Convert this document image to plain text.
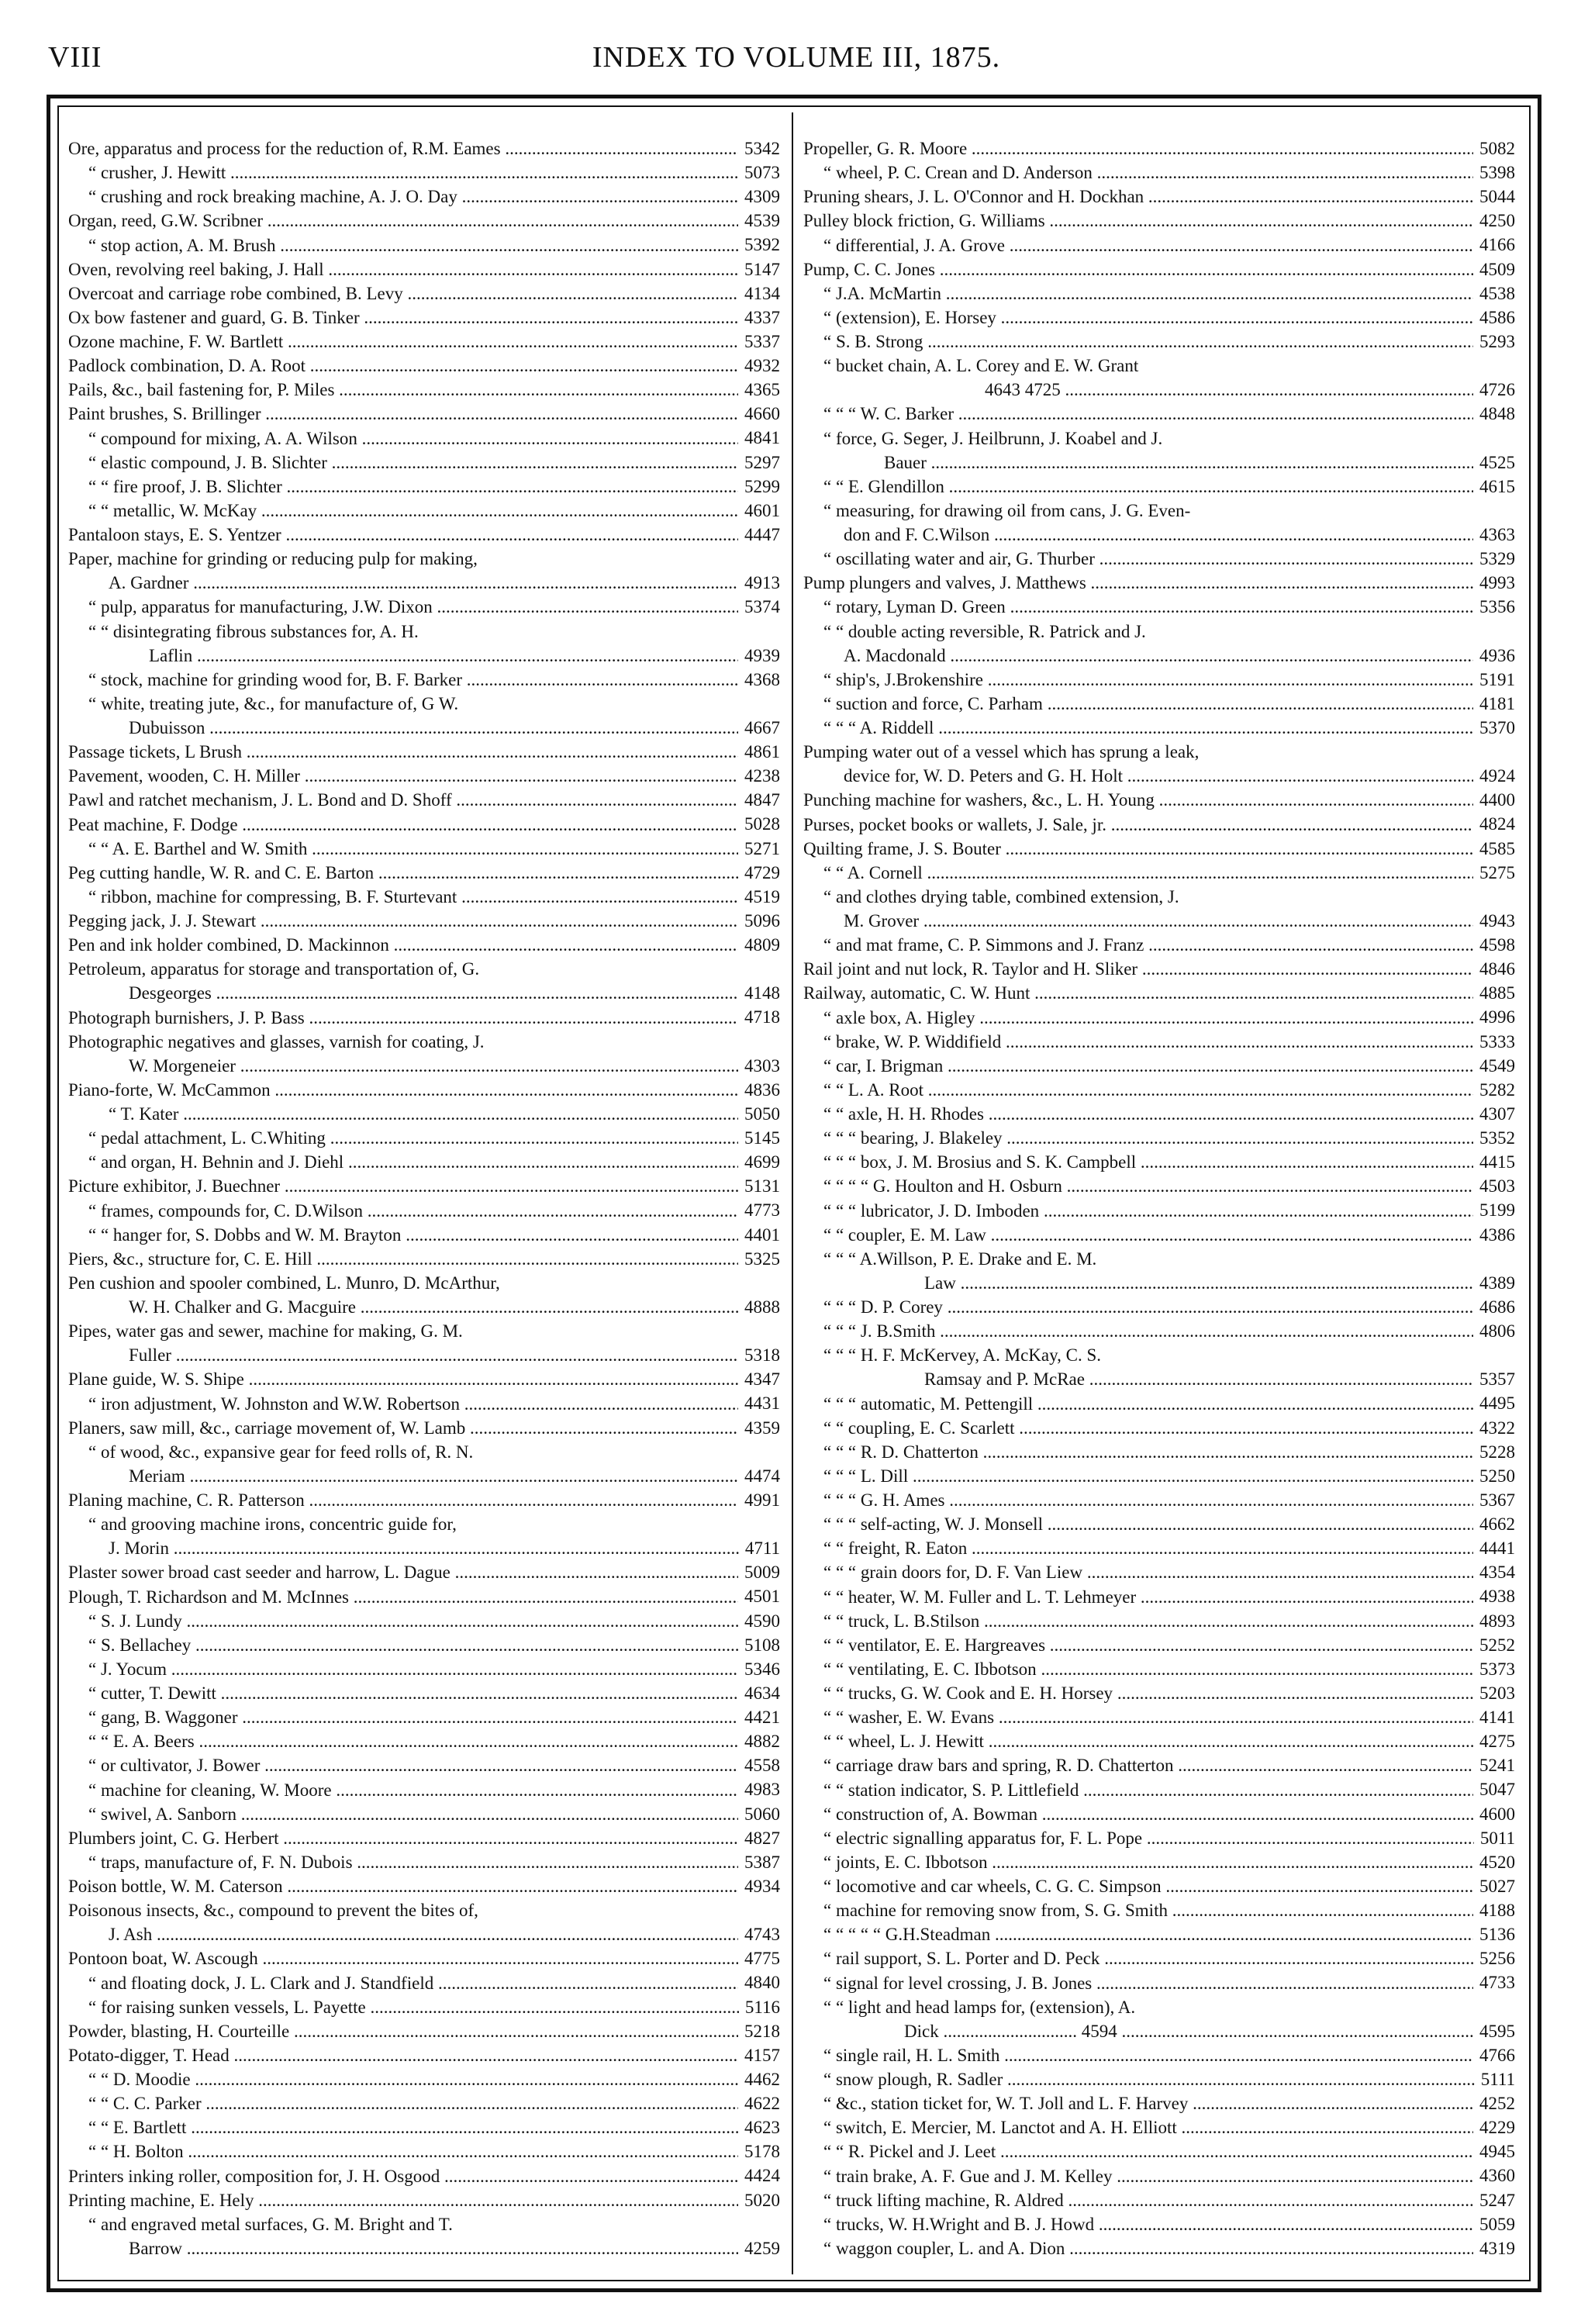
VIII	INDEX TO VOLUME III, 1875.
Ore, apparatus and process for the reduction of, R.M. Eames .....	5342
“ crusher, J. Hewitt .....	5073
“ crushing and rock breaking machine, A. J. O. Day .....	4309
Organ, reed, G.W. Scribner .....	4539
“ stop action, A. M. Brush .....	5392
Oven, revolving reel baking, J. Hall .....	5147
Overcoat and carriage robe combined, B. Levy .....	4134
Ox bow fastener and guard, G. B. Tinker .....	4337
Ozone machine, F. W. Bartlett .....	5337
Padlock combination, D. A. Root .....	4932
Pails, &c., bail fastening for, P. Miles .....	4365
Paint brushes, S. Brillinger .....	4660
“ compound for mixing, A. A. Wilson .....	4841
“ elastic compound, J. B. Slichter .....	5297
“ “ fire proof, J. B. Slichter .....	5299
“ “ metallic, W. McKay .....	4601
Pantaloon stays, E. S. Yentzer .....	4447
Paper, machine for grinding or reducing pulp for making,
A. Gardner .....	4913
“ pulp, apparatus for manufacturing, J.W. Dixon .....	5374
“ “ disintegrating fibrous substances for, A. H.
Laflin .....	4939
“ stock, machine for grinding wood for, B. F. Barker .....	4368
“ white, treating jute, &c., for manufacture of, G W.
Dubuisson .....	4667
Passage tickets, L Brush .....	4861
Pavement, wooden, C. H. Miller .....	4238
Pawl and ratchet mechanism, J. L. Bond and D. Shoff .....	4847
Peat machine, F. Dodge .....	5028
“ “ A. E. Barthel and W. Smith .....	5271
Peg cutting handle, W. R. and C. E. Barton .....	4729
“ ribbon, machine for compressing, B. F. Sturtevant .....	4519
Pegging jack, J. J. Stewart .....	5096
Pen and ink holder combined, D. Mackinnon .....	4809
Petroleum, apparatus for storage and transportation of, G.
Desgeorges .....	4148
Photograph burnishers, J. P. Bass .....	4718
Photographic negatives and glasses, varnish for coating, J.
W. Morgeneier .....	4303
Piano-forte, W. McCammon .....	4836
“ T. Kater .....	5050
“ pedal attachment, L. C.Whiting .....	5145
“ and organ, H. Behnin and J. Diehl .....	4699
Picture exhibitor, J. Buechner .....	5131
“ frames, compounds for, C. D.Wilson .....	4773
“ “ hanger for, S. Dobbs and W. M. Brayton .....	4401
Piers, &c., structure for, C. E. Hill .....	5325
Pen cushion and spooler combined, L. Munro, D. McArthur,
W. H. Chalker and G. Macguire .....	4888
Pipes, water gas and sewer, machine for making, G. M.
Fuller .....	5318
Plane guide, W. S. Shipe .....	4347
“ iron adjustment, W. Johnston and W.W. Robertson .....	4431
Planers, saw mill, &c., carriage movement of, W. Lamb .....	4359
“ of wood, &c., expansive gear for feed rolls of, R. N.
Meriam .....	4474
Planing machine, C. R. Patterson .....	4991
“ and grooving machine irons, concentric guide for,
J. Morin .....	4711
Plaster sower broad cast seeder and harrow, L. Dague .....	5009
Plough, T. Richardson and M. McInnes .....	4501
“ S. J. Lundy .....	4590
“ S. Bellachey .....	5108
“ J. Yocum .....	5346
“ cutter, T. Dewitt .....	4634
“ gang, B. Waggoner .....	4421
“ “ E. A. Beers .....	4882
“ or cultivator, J. Bower .....	4558
“ machine for cleaning, W. Moore .....	4983
“ swivel, A. Sanborn .....	5060
Plumbers joint, C. G. Herbert .....	4827
“ traps, manufacture of, F. N. Dubois .....	5387
Poison bottle, W. M. Caterson .....	4934
Poisonous insects, &c., compound to prevent the bites of,
J. Ash .....	4743
Pontoon boat, W. Ascough .....	4775
“ and floating dock, J. L. Clark and J. Standfield .....	4840
“ for raising sunken vessels, L. Payette .....	5116
Powder, blasting, H. Courteille .....	5218
Potato-digger, T. Head .....	4157
“ “ D. Moodie .....	4462
“ “ C. C. Parker .....	4622
“ “ E. Bartlett .....	4623
“ “ H. Bolton .....	5178
Printers inking roller, composition for, J. H. Osgood .....	4424
Printing machine, E. Hely .....	5020
“ and engraved metal surfaces, G. M. Bright and T.
Barrow .....	4259
Propeller, G. R. Moore .....	5082
“ wheel, P. C. Crean and D. Anderson .....	5398
Pruning shears, J. L. O'Connor and H. Dockhan .....	5044
Pulley block friction, G. Williams .....	4250
“ differential, J. A. Grove .....	4166
Pump, C. C. Jones .....	4509
“ J.A. McMartin .....	4538
“ (extension), E. Horsey .....	4586
“ S. B. Strong .....	5293
“ bucket chain, A. L. Corey and E. W. Grant
4643 4725 .....	4726
“ “ “ W. C. Barker .....	4848
“ force, G. Seger, J. Heilbrunn, J. Koabel and J.
Bauer .....	4525
“ “ E. Glendillon .....	4615
“ measuring, for drawing oil from cans, J. G. Even-
don and F. C.Wilson .....	4363
“ oscillating water and air, G. Thurber .....	5329
Pump plungers and valves, J. Matthews .....	4993
“ rotary, Lyman D. Green .....	5356
“ “ double acting reversible, R. Patrick and J.
A. Macdonald .....	4936
“ ship's, J.Brokenshire .....	5191
“ suction and force, C. Parham .....	4181
“ “ “ A. Riddell .....	5370
Pumping water out of a vessel which has sprung a leak,
device for, W. D. Peters and G. H. Holt .....	4924
Punching machine for washers, &c., L. H. Young .....	4400
Purses, pocket books or wallets, J. Sale, jr. .....	4824
Quilting frame, J. S. Bouter .....	4585
“ “ A. Cornell .....	5275
“ and clothes drying table, combined extension, J.
M. Grover .....	4943
“ and mat frame, C. P. Simmons and J. Franz .....	4598
Rail joint and nut lock, R. Taylor and H. Sliker .....	4846
Railway, automatic, C. W. Hunt .....	4885
“ axle box, A. Higley .....	4996
“ brake, W. P. Widdifield .....	5333
“ car, I. Brigman .....	4549
“ “ L. A. Root .....	5282
“ “ axle, H. H. Rhodes .....	4307
“ “ “ bearing, J. Blakeley .....	5352
“ “ “ box, J. M. Brosius and S. K. Campbell .....	4415
“ “ “ “ G. Houlton and H. Osburn .....	4503
“ “ “ lubricator, J. D. Imboden .....	5199
“ “ coupler, E. M. Law .....	4386
“ “ “ A.Willson, P. E. Drake and E. M.
Law .....	4389
“ “ “ D. P. Corey .....	4686
“ “ “ J. B.Smith .....	4806
“ “ “ H. F. McKervey, A. McKay, C. S.
Ramsay and P. McRae .....	5357
“ “ “ automatic, M. Pettengill .....	4495
“ “ coupling, E. C. Scarlett .....	4322
“ “ “ R. D. Chatterton .....	5228
“ “ “ L. Dill .....	5250
“ “ “ G. H. Ames .....	5367
“ “ “ self-acting, W. J. Monsell .....	4662
“ “ freight, R. Eaton .....	4441
“ “ “ grain doors for, D. F. Van Liew .....	4354
“ “ heater, W. M. Fuller and L. T. Lehmeyer .....	4938
“ “ truck, L. B.Stilson .....	4893
“ “ ventilator, E. E. Hargreaves .....	5252
“ “ ventilating, E. C. Ibbotson .....	5373
“ “ trucks, G. W. Cook and E. H. Horsey .....	5203
“ “ washer, E. W. Evans .....	4141
“ “ wheel, L. J. Hewitt .....	4275
“ carriage draw bars and spring, R. D. Chatterton .....	5241
“ “ station indicator, S. P. Littlefield .....	5047
“ construction of, A. Bowman .....	4600
“ electric signalling apparatus for, F. L. Pope .....	5011
“ joints, E. C. Ibbotson .....	4520
“ locomotive and car wheels, C. G. C. Simpson .....	5027
“ machine for removing snow from, S. G. Smith .....	4188
“ “ “ “ “ G.H.Steadman .....	5136
“ rail support, S. L. Porter and D. Peck .....	5256
“ signal for level crossing, J. B. Jones .....	4733
“ “ light and head lamps for, (extension), A.
Dick .............................. 4594 .....	4595
“ single rail, H. L. Smith .....	4766
“ snow plough, R. Sadler .....	5111
“ &c., station ticket for, W. T. Joll and L. F. Harvey .....	4252
“ switch, E. Mercier, M. Lanctot and A. H. Elliott .....	4229
“ “ R. Pickel and J. Leet .....	4945
“ train brake, A. F. Gue and J. M. Kelley .....	4360
“ truck lifting machine, R. Aldred .....	5247
“ trucks, W. H.Wright and B. J. Howd .....	5059
“ waggon coupler, L. and A. Dion .....	4319
